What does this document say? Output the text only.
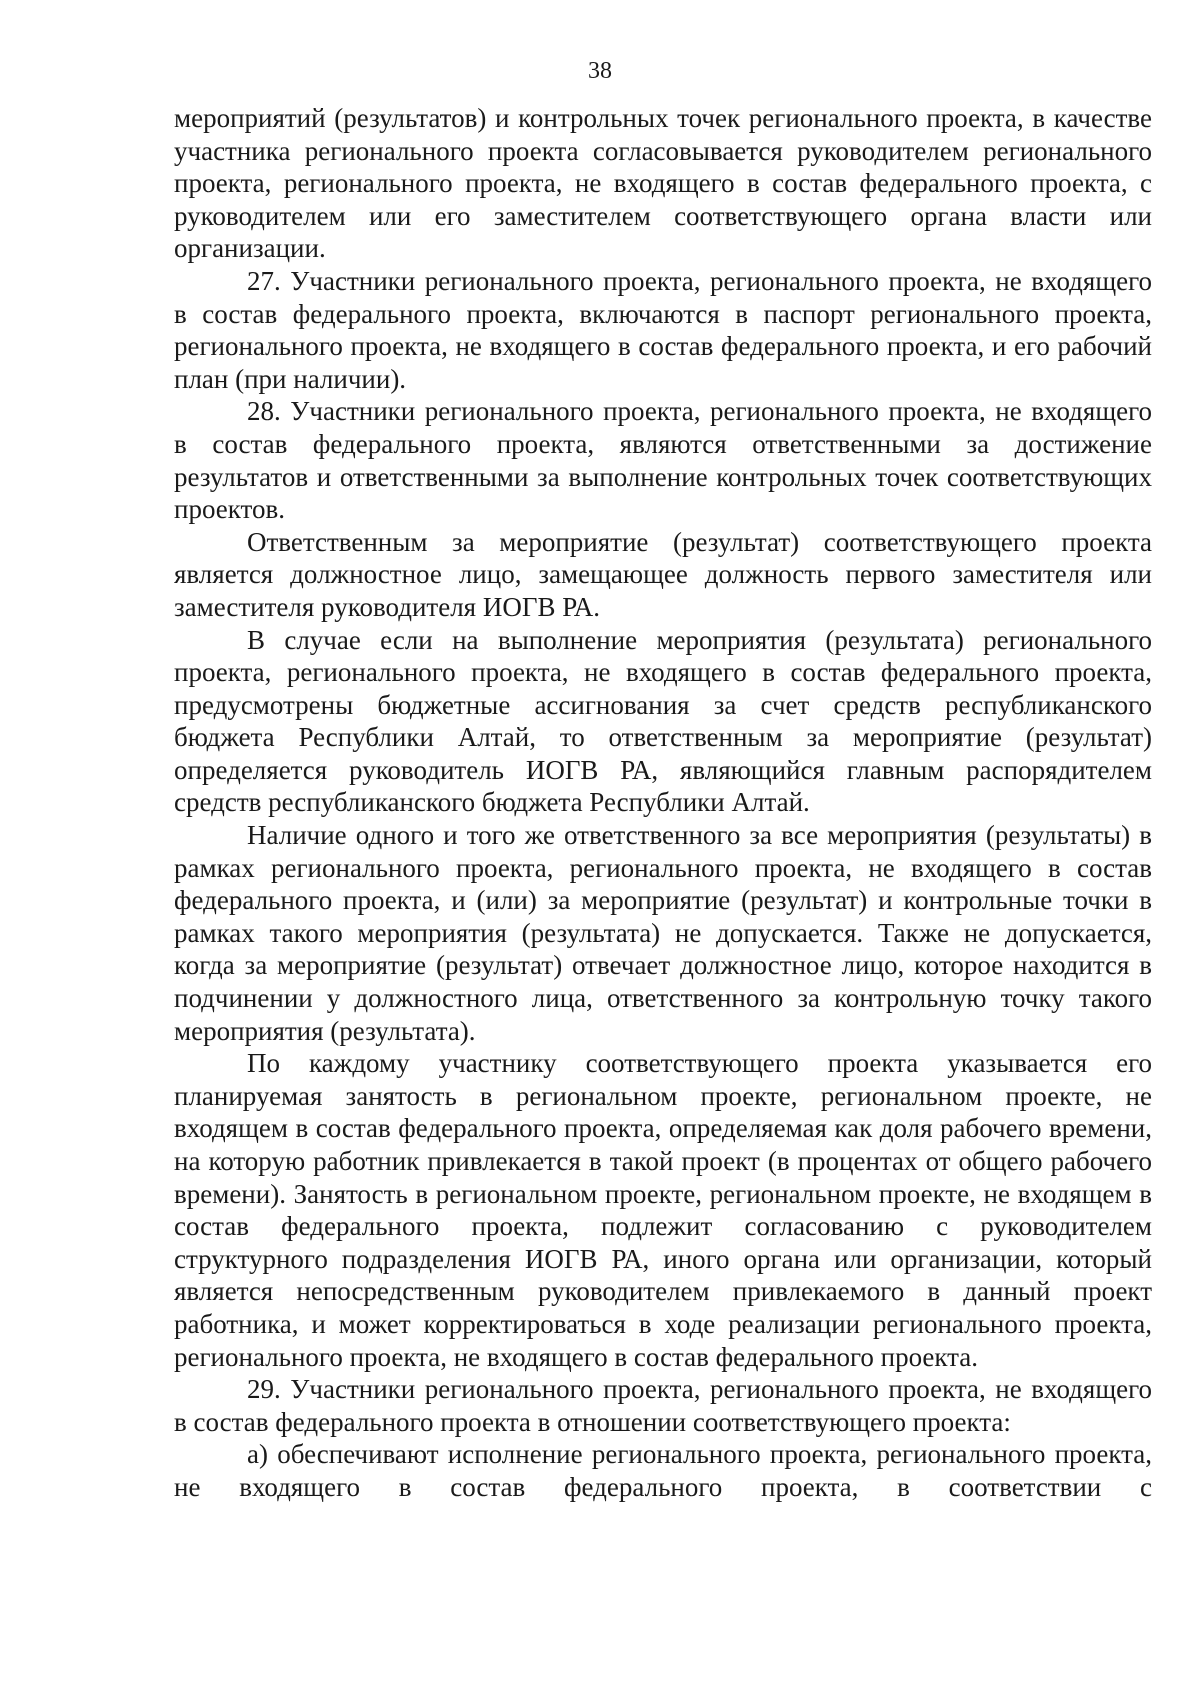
38

мероприятий (результатов) и контрольных точек регионального проекта, в качестве участника регионального проекта согласовывается руководителем регионального проекта, регионального проекта, не входящего в состав федерального проекта, с руководителем или его заместителем соответствующего органа власти или организации.

27. Участники регионального проекта, регионального проекта, не входящего в состав федерального проекта, включаются в паспорт регионального проекта, регионального проекта, не входящего в состав федерального проекта, и его рабочий план (при наличии).

28. Участники регионального проекта, регионального проекта, не входящего в состав федерального проекта, являются ответственными за достижение результатов и ответственными за выполнение контрольных точек соответствующих проектов.

Ответственным за мероприятие (результат) соответствующего проекта является должностное лицо, замещающее должность первого заместителя или заместителя руководителя ИОГВ РА.

В случае если на выполнение мероприятия (результата) регионального проекта, регионального проекта, не входящего в состав федерального проекта, предусмотрены бюджетные ассигнования за счет средств республиканского бюджета Республики Алтай, то ответственным за мероприятие (результат) определяется руководитель ИОГВ РА, являющийся главным распорядителем средств республиканского бюджета Республики Алтай.

Наличие одного и того же ответственного за все мероприятия (результаты) в рамках регионального проекта, регионального проекта, не входящего в состав федерального проекта, и (или) за мероприятие (результат) и контрольные точки в рамках такого мероприятия (результата) не допускается. Также не допускается, когда за мероприятие (результат) отвечает должностное лицо, которое находится в подчинении у должностного лица, ответственного за контрольную точку такого мероприятия (результата).

По каждому участнику соответствующего проекта указывается его планируемая занятость в региональном проекте, региональном проекте, не входящем в состав федерального проекта, определяемая как доля рабочего времени, на которую работник привлекается в такой проект (в процентах от общего рабочего времени). Занятость в региональном проекте, региональном проекте, не входящем в состав федерального проекта, подлежит согласованию с руководителем структурного подразделения ИОГВ РА, иного органа или организации, который является непосредственным руководителем привлекаемого в данный проект работника, и может корректироваться в ходе реализации регионального проекта, регионального проекта, не входящего в состав федерального проекта.

29. Участники регионального проекта, регионального проекта, не входящего в состав федерального проекта в отношении соответствующего проекта:

а) обеспечивают исполнение регионального проекта, регионального проекта, не входящего в состав федерального проекта, в соответствии с
